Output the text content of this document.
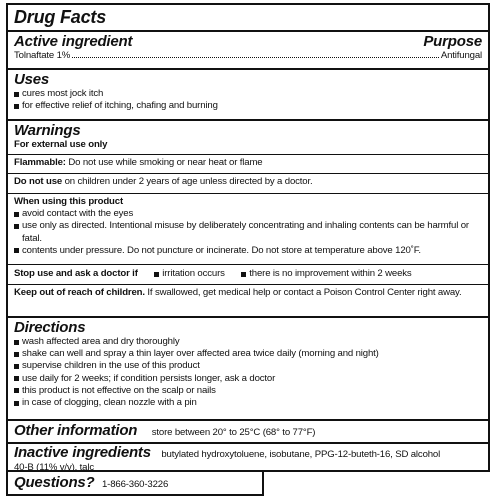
Drug Facts
Active ingredient	Purpose
Tolnaftate 1%	Antifungal
Uses
cures most jock itch
for effective relief of itching, chafing and burning
Warnings
For external use only
Flammable: Do not use while smoking or near heat or flame
Do not use on children under 2 years of age unless directed by a doctor.
When using this product
avoid contact with the eyes
use only as directed. Intentional misuse by deliberately concentrating and inhaling contents can be harmful or fatal.
contents under pressure. Do not puncture or incinerate. Do not store at temperature above 120˚F.
Stop use and ask a doctor if	irritation occurs	there is no improvement within 2 weeks
Keep out of reach of children. If swallowed, get medical help or contact a Poison Control Center right away.
Directions
wash affected area and dry thoroughly
shake can well and spray a thin layer over affected area twice daily (morning and night)
supervise children in the use of this product
use daily for 2 weeks; if condition persists longer, ask a doctor
this product is not effective on the scalp or nails
in case of clogging, clean nozzle with a pin
Other information store between 20° to 25°C (68° to 77°F)
Inactive ingredients butylated hydroxytoluene, isobutane, PPG-12-buteth-16, SD alcohol
40-B (11% v/v), talc
Questions? 1-866-360-3226
